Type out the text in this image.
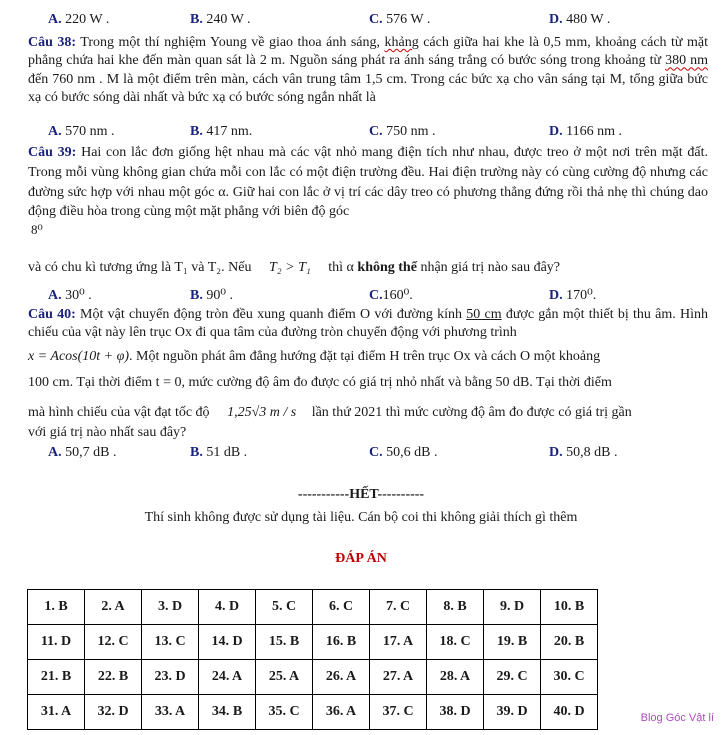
A. 220 W .	B. 240 W .	C. 576 W .	D. 480 W .
Câu 38: Trong một thí nghiệm Young về giao thoa ánh sáng, khảng cách giữa hai khe là 0,5 mm, khoảng cách từ mặt phẳng chứa hai khe đến màn quan sát là 2 m. Nguồn sáng phát ra ánh sáng trắng có bước sóng trong khoảng từ 380 nm đến 760 nm . M là một điểm trên màn, cách vân trung tâm 1,5 cm. Trong các bức xạ cho vân sáng tại M, tổng giữa bức xạ có bước sóng dài nhất và bức xạ có bước sóng ngắn nhất là
A. 570 nm .	B. 417 nm.	C. 750 nm .	D. 1166 nm .
Câu 39: Hai con lắc đơn giống hệt nhau mà các vật nhỏ mang điện tích như nhau, được treo ở một nơi trên mặt đất. Trong mỗi vùng không gian chứa mỗi con lắc có một điện trường đều. Hai điện trường này có cùng cường độ nhưng các đường sức hợp với nhau một góc α. Giữ hai con lắc ở vị trí các dây treo có phương thẳng đứng rồi thả nhẹ thì chúng dao động điều hòa trong cùng một mặt phẳng với biên độ góc
8⁰
và có chu kì tương ứng là T₁ và T₂. Nếu T₂ > T₁ thì α không thể nhận giá trị nào sau đây?
A. 30⁰ .	B. 90⁰ .	C.160⁰.	D. 170⁰.
Câu 40: Một vật chuyển động tròn đều xung quanh điểm O với đường kính 50 cm được gắn một thiết bị thu âm. Hình chiếu của vật này lên trục Ox đi qua tâm của đường tròn chuyển động với phương trình
x = Acos(10t + φ). Một nguồn phát âm đẳng hướng đặt tại điểm H trên trục Ox và cách O một khoảng
100 cm. Tại thời điểm t = 0, mức cường độ âm đo được có giá trị nhỏ nhất và bằng 50 dB. Tại thời điểm
mà hình chiếu của vật đạt tốc độ 1,25√3 m / s lần thứ 2021 thì mức cường độ âm đo được có giá trị gần
với giá trị nào nhất sau đây?
A. 50,7 dB .	B. 51 dB .	C. 50,6 dB .	D. 50,8 dB .
-----------HẾT----------
Thí sinh không được sử dụng tài liệu. Cán bộ coi thi không giải thích gì thêm
ĐÁP ÁN
1. B	2. A	3. D	4. D	5. C	6. C	7. C	8. B	9. D	10. B
11. D	12. C	13. C	14. D	15. B	16. B	17. A	18. C	19. B	20. B
21. B	22. B	23. D	24. A	25. A	26. A	27. A	28. A	29. C	30. C
31. A	32. D	33. A	34. B	35. C	36. A	37. C	38. D	39. D	40. D	Blog Góc Vật lí
